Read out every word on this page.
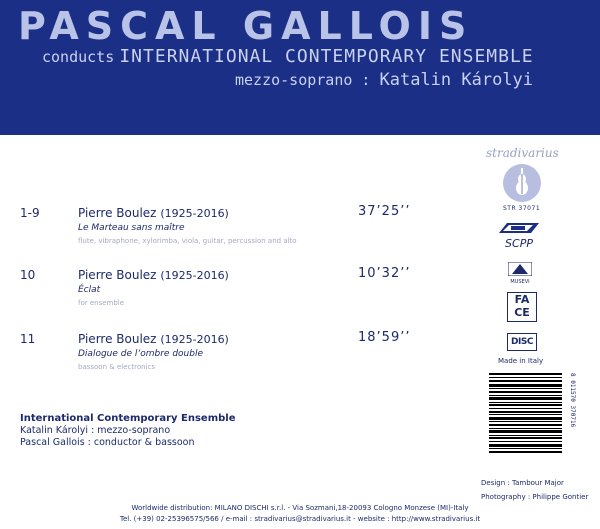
PASCAL GALLOIS
conducts INTERNATIONAL CONTEMPORARY ENSEMBLE
mezzo-soprano : Katalin Károlyi
1-9	Pierre Boulez (1925-2016)	37’25’’
Le Marteau sans maître
flute, vibraphone, xylorimba, viola, guitar, percussion and alto
10	Pierre Boulez (1925-2016)	10’32’’
Éclat
for ensemble
11	Pierre Boulez (1925-2016)	18’59’’
Dialogue de l’ombre double
bassoon & electronics
International Contemporary Ensemble
Katalin Károlyi : mezzo-soprano
Pascal Gallois : conductor & bassoon
stradivarius
STR 37071
SCPP
MUSEVI
FA CE
DISC
Made in Italy
8 011570 370716
Design : Tambour Major
Photography : Philippe Gontier
Worldwide distribution: MILANO DISCHI s.r.l. - Via Sozmani,18-20093 Cologno Monzese (MI)-Italy
Tel. (+39) 02-25396575/566 / e-mail : stradivarius@stradivarius.it - website : http://www.stradivarius.it
